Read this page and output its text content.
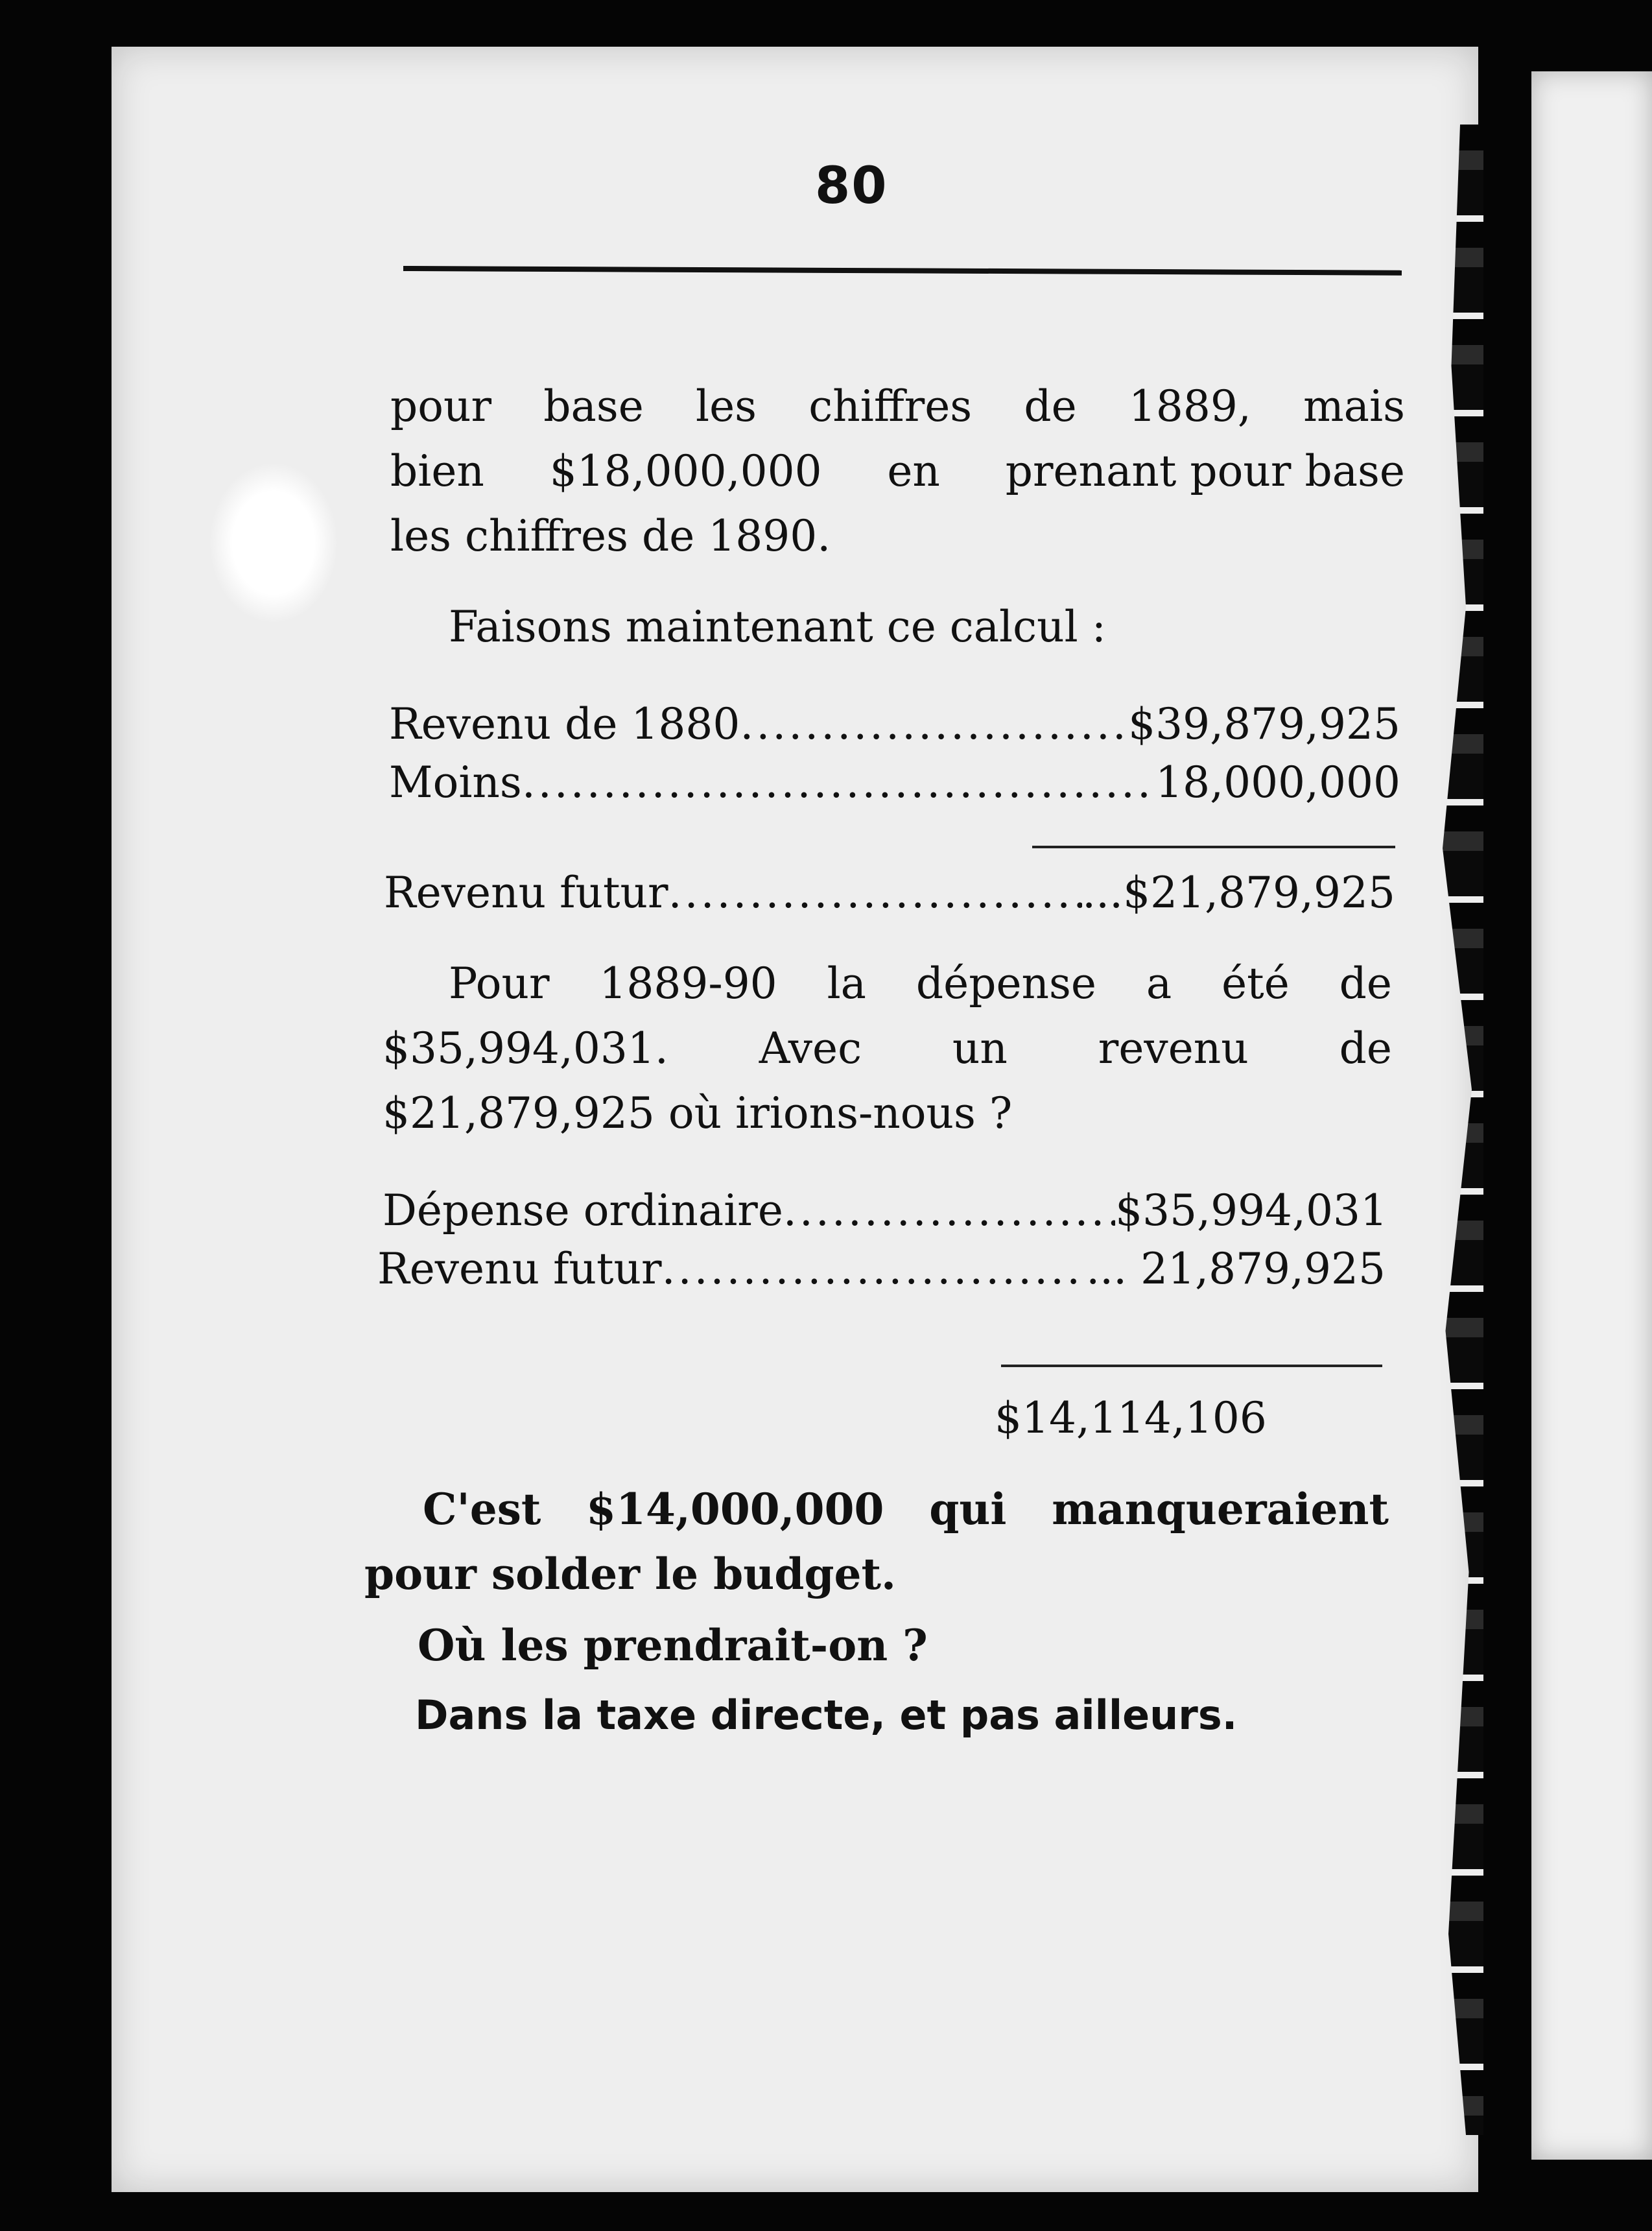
80
pour base les chiffres de 1889, mais
bien $18,000,000 en prenant pour base
les chiffres de 1890.
Faisons maintenant ce calcul :
Revenu de 1880 .....	$39,879,925
Moins .....	18,000,000
Revenu futur .....	...$21,879,925
Pour 1889-90 la dépense a été de
$35,994,031. Avec un revenu de
$21,879,925 où irions-nous ?
Dépense ordinaire .....	$35,994,031
Revenu futur .....	... 21,879,925
$14,114,106
C'est $14,000,000 qui manqueraient
pour solder le budget.
Où les prendrait-on ?
Dans la taxe directe, et pas ailleurs.
